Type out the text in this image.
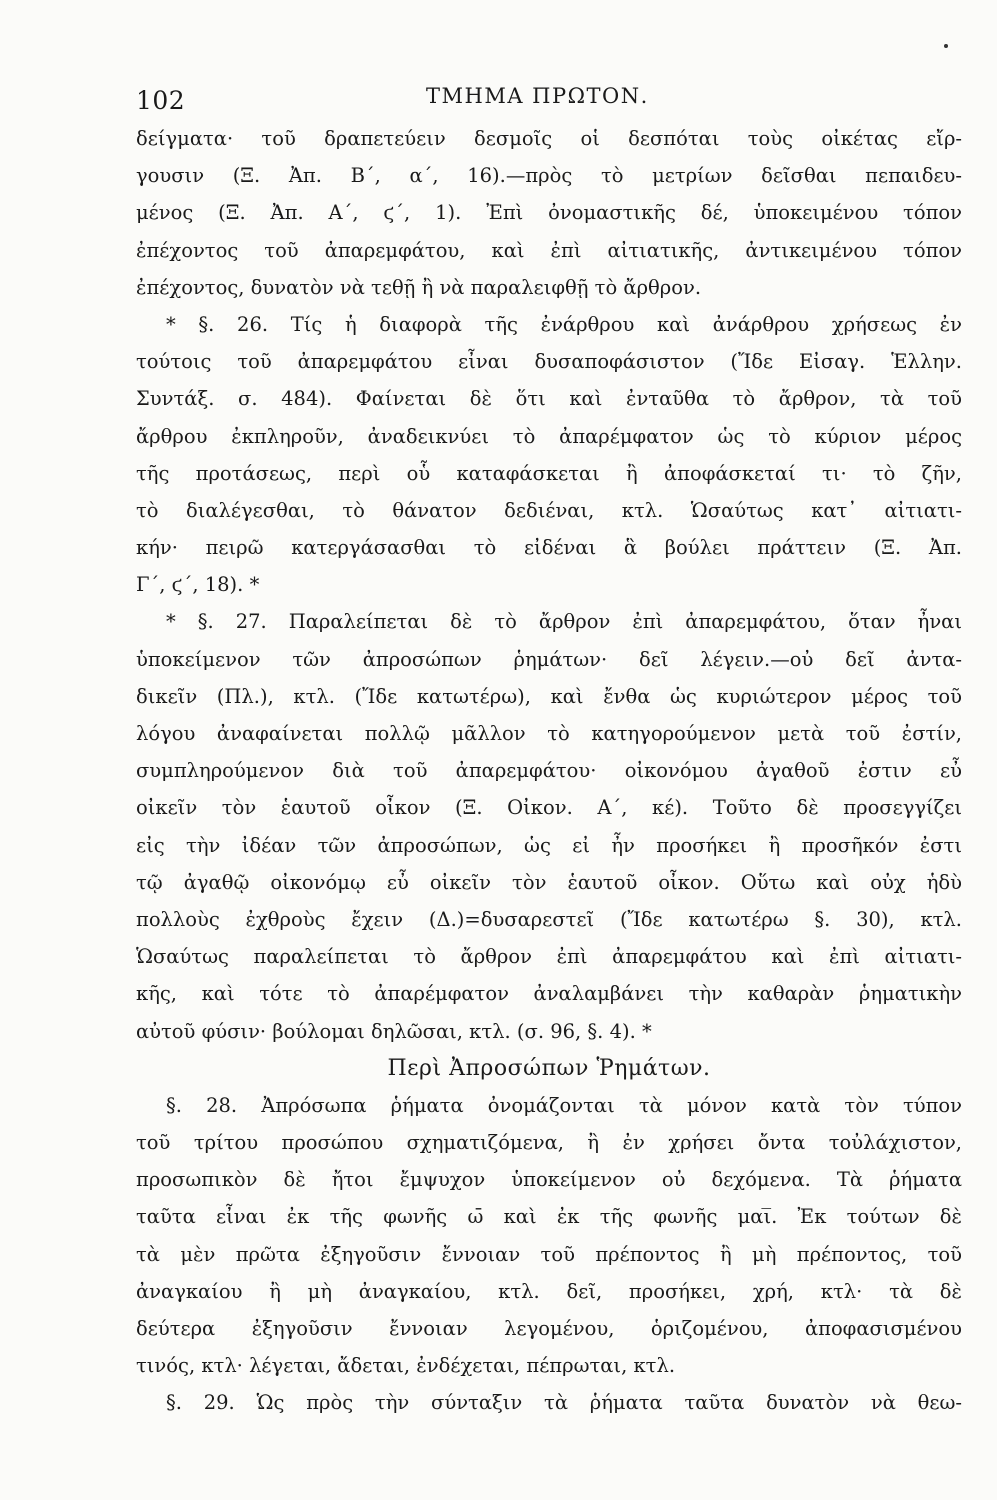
102	ΤΜΗΜΑ ΠΡΩΤΟΝ.
δείγματα· τοῦ δραπετεύειν δεσμοῖς οἱ δεσπόται τοὺς οἰκέτας εἴρ-
γουσιν (Ξ. Ἀπ. Β΄, α΄, 16).—πρὸς τὸ μετρίων δεῖσθαι πεπαιδευ-
μένος (Ξ. Ἀπ. Α΄, ϛ΄, 1). Ἐπὶ ὀνομαστικῆς δέ, ὑποκειμένου τόπον
ἐπέχοντος τοῦ ἀπαρεμφάτου, καὶ ἐπὶ αἰτιατικῆς, ἀντικειμένου τόπον
ἐπέχοντος, δυνατὸν νὰ τεθῇ ἢ νὰ παραλειφθῇ τὸ ἄρθρον.
* §. 26. Τίς ἡ διαφορὰ τῆς ἐνάρθρου καὶ ἀνάρθρου χρήσεως ἐν
τούτοις τοῦ ἀπαρεμφάτου εἶναι δυσαποφάσιστον (Ἴδε Εἰσαγ. Ἑλλην.
Συντάξ. σ. 484). Φαίνεται δὲ ὅτι καὶ ἐνταῦθα τὸ ἄρθρον, τὰ τοῦ
ἄρθρου ἐκπληροῦν, ἀναδεικνύει τὸ ἀπαρέμφατον ὡς τὸ κύριον μέρος
τῆς προτάσεως, περὶ οὗ καταφάσκεται ἢ ἀποφάσκεταί τι· τὸ ζῆν,
τὸ διαλέγεσθαι, τὸ θάνατον δεδιέναι, κτλ. Ὡσαύτως κατ᾽ αἰτιατι-
κήν· πειρῶ κατεργάσασθαι τὸ εἰδέναι ἃ βούλει πράττειν (Ξ. Ἀπ.
Γ΄, ϛ΄, 18). *
* §. 27. Παραλείπεται δὲ τὸ ἄρθρον ἐπὶ ἀπαρεμφάτου, ὅταν ἦναι
ὑποκείμενον τῶν ἀπροσώπων ῥημάτων· δεῖ λέγειν.—οὐ δεῖ ἀντα-
δικεῖν (Πλ.), κτλ. (Ἴδε κατωτέρω), καὶ ἔνθα ὡς κυριώτερον μέρος τοῦ
λόγου ἀναφαίνεται πολλῷ μᾶλλον τὸ κατηγορούμενον μετὰ τοῦ ἐστίν,
συμπληρούμενον διὰ τοῦ ἀπαρεμφάτου· οἰκονόμου ἀγαθοῦ ἐστιν εὖ
οἰκεῖν τὸν ἑαυτοῦ οἶκον (Ξ. Οἰκον. Α΄, κέ). Τοῦτο δὲ προσεγγίζει
εἰς τὴν ἰδέαν τῶν ἀπροσώπων, ὡς εἰ ἦν προσήκει ἢ προσῆκόν ἐστι
τῷ ἀγαθῷ οἰκονόμῳ εὖ οἰκεῖν τὸν ἑαυτοῦ οἶκον. Οὕτω καὶ οὐχ ἡδὺ
πολλοὺς ἐχθροὺς ἔχειν (Δ.)=δυσαρεστεῖ (Ἴδε κατωτέρω §. 30), κτλ.
Ὡσαύτως παραλείπεται τὸ ἄρθρον ἐπὶ ἀπαρεμφάτου καὶ ἐπὶ αἰτιατι-
κῆς, καὶ τότε τὸ ἀπαρέμφατον ἀναλαμβάνει τὴν καθαρὰν ῥηματικὴν
αὐτοῦ φύσιν· βούλομαι δηλῶσαι, κτλ. (σ. 96, §. 4). *
Περὶ Ἀπροσώπων Ῥημάτων.
§. 28. Ἀπρόσωπα ῥήματα ὀνομάζονται τὰ μόνον κατὰ τὸν τύπον
τοῦ τρίτου προσώπου σχηματιζόμενα, ἢ ἐν χρήσει ὄντα τοὐλάχιστον,
προσωπικὸν δὲ ἤτοι ἔμψυχον ὑποκείμενον οὐ δεχόμενα. Τὰ ῥήματα
ταῦτα εἶναι ἐκ τῆς φωνῆς ω̄ καὶ ἐκ τῆς φωνῆς μαι̅. Ἐκ τούτων δὲ
τὰ μὲν πρῶτα ἐξηγοῦσιν ἔννοιαν τοῦ πρέποντος ἢ μὴ πρέποντος, τοῦ
ἀναγκαίου ἢ μὴ ἀναγκαίου, κτλ. δεῖ, προσήκει, χρή, κτλ· τὰ δὲ
δεύτερα ἐξηγοῦσιν ἔννοιαν λεγομένου, ὁριζομένου, ἀποφασισμένου
τινός, κτλ· λέγεται, ἄδεται, ἐνδέχεται, πέπρωται, κτλ.
§. 29. Ὡς πρὸς τὴν σύνταξιν τὰ ῥήματα ταῦτα δυνατὸν νὰ θεω-
